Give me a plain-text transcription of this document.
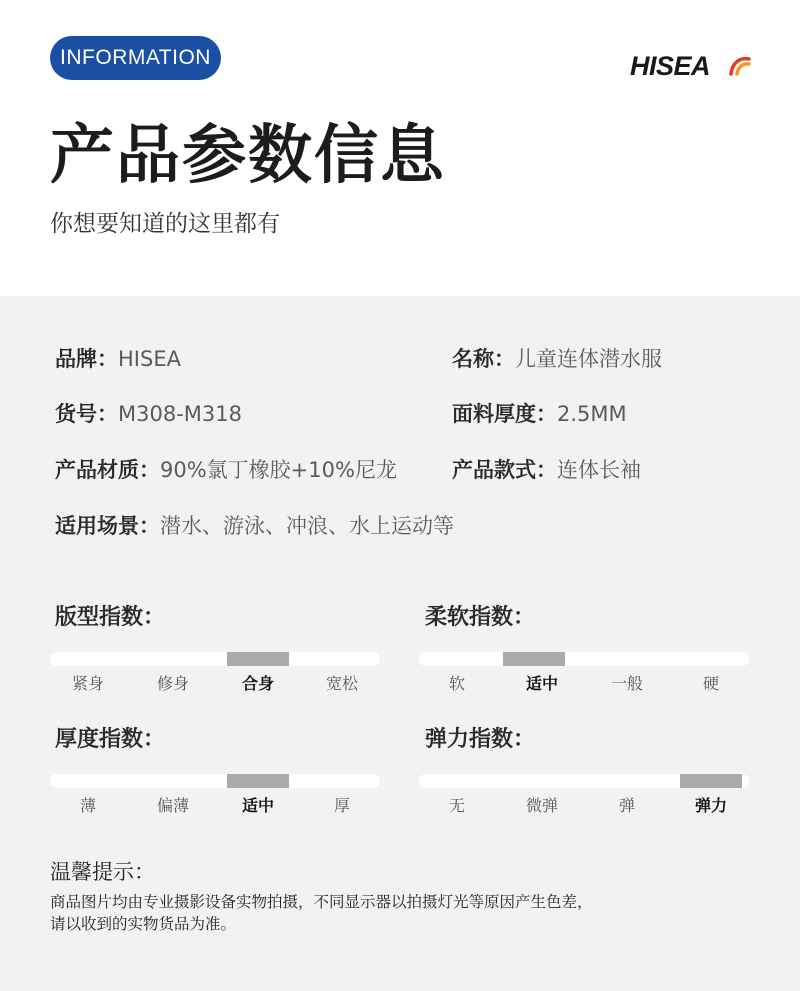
INFORMATION	HISEA
产品参数信息
你想要知道的这里都有
品牌：HISEA	名称：儿童连体潜水服
货号：M308-M318	面料厚度：2.5MM
产品材质：90%氯丁橡胶+10%尼龙	产品款式：连体长袖
适用场景：潜水、游泳、冲浪、水上运动等
版型指数：
紧身	修身	合身	宽松
柔软指数：
软	适中	一般	硬
厚度指数：
薄	偏薄	适中	厚
弹力指数：
无	微弹	弹	弹力
温馨提示：
商品图片均由专业摄影设备实物拍摄，不同显示器以拍摄灯光等原因产生色差，
请以收到的实物货品为准。
